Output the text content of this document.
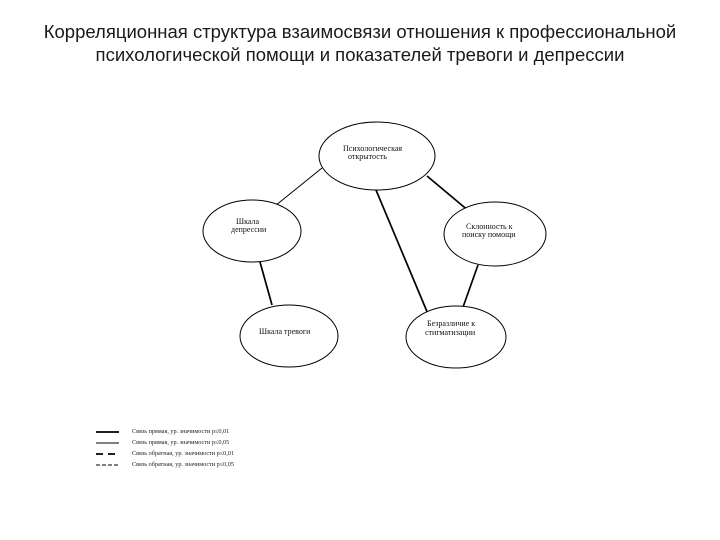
Корреляционная структура взаимосвязи отношения к профессиональной психологической помощи и показателей тревоги и депрессии
Психологическая
открытость
Шкала
депрессии	Склонность к
поиску помощи
Шкала тревоги
Безразличие к
стигматизации
Связь прямая, ур. значимости p≤0,01
Связь прямая, ур. значимости p≤0,05
Связь обратная, ур. значимости p≤0,01
Связь обратная, ур. значимости p≤0,05
